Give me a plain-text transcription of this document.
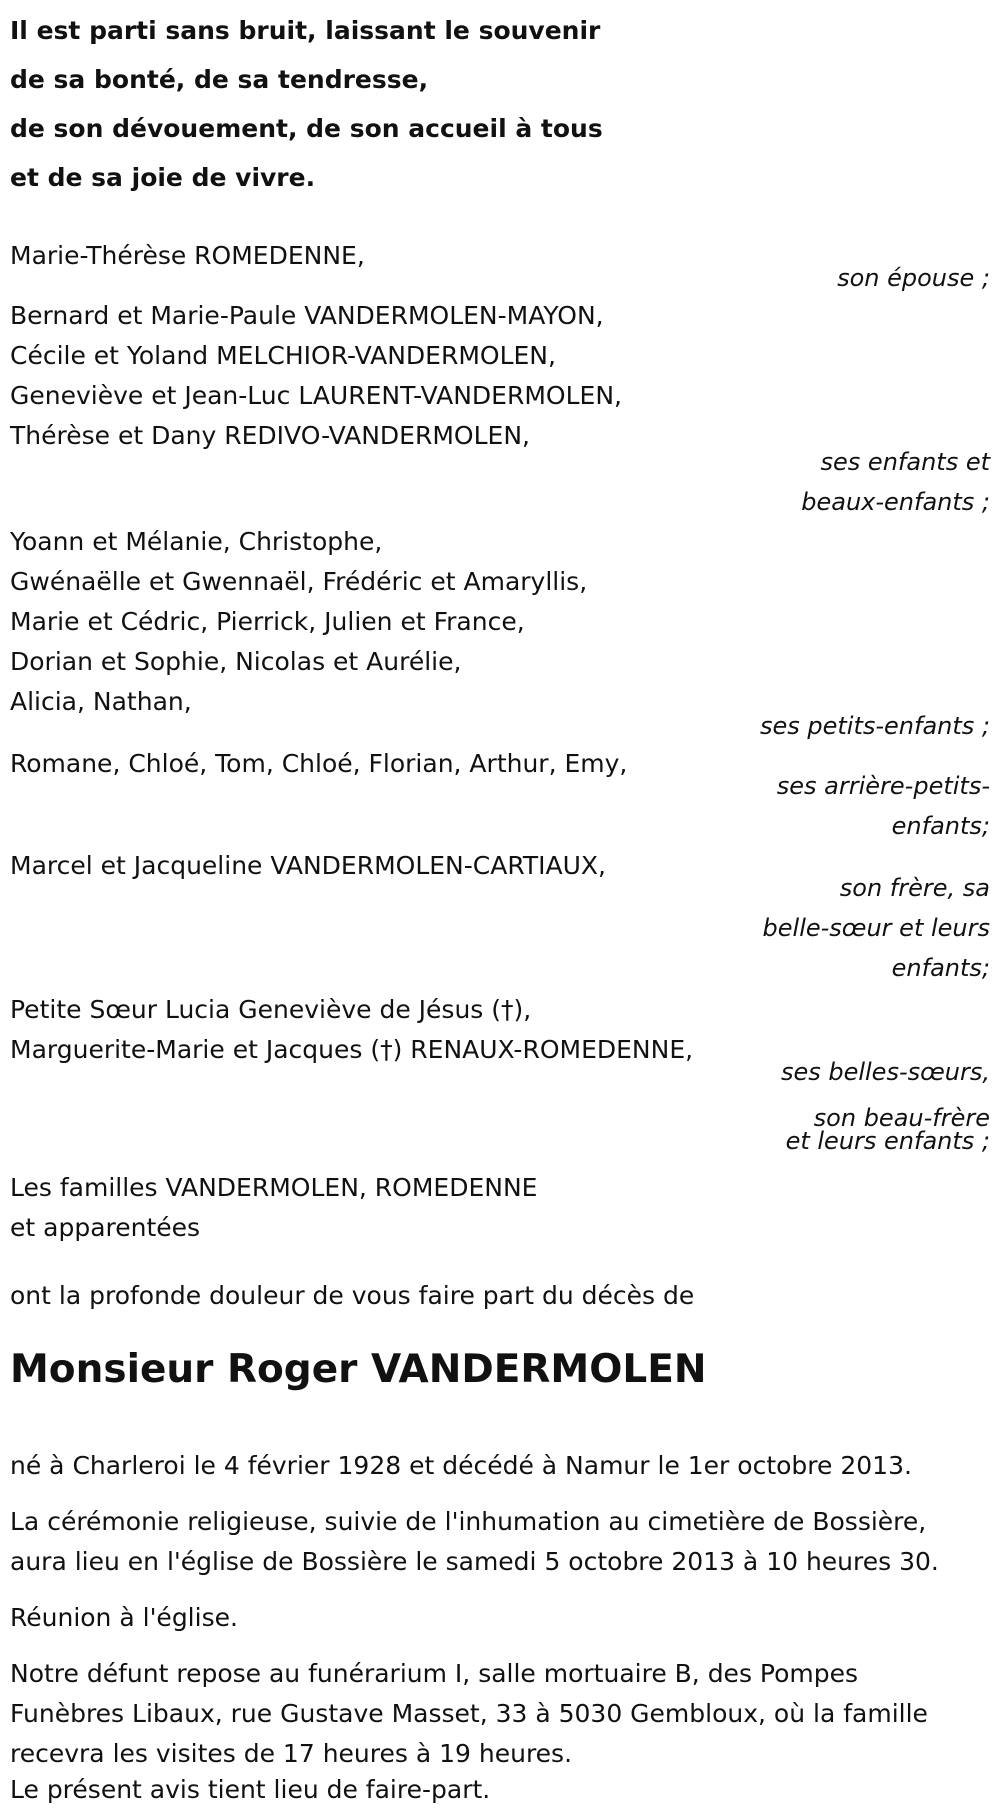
Il est parti sans bruit, laissant le souvenir
de sa bonté, de sa tendresse,
de son dévouement, de son accueil à tous
et de sa joie de vivre.
Marie-Thérèse ROMEDENNE,
son épouse ;
Bernard et Marie-Paule VANDERMOLEN-MAYON,
Cécile et Yoland MELCHIOR-VANDERMOLEN,
Geneviève et Jean-Luc LAURENT-VANDERMOLEN,
Thérèse et Dany REDIVO-VANDERMOLEN,
ses enfants et
beaux-enfants ;
Yoann et Mélanie, Christophe,
Gwénaëlle et Gwennaël, Frédéric et Amaryllis,
Marie et Cédric, Pierrick, Julien et France,
Dorian et Sophie, Nicolas et Aurélie,
Alicia, Nathan,
ses petits-enfants ;
Romane, Chloé, Tom, Chloé, Florian, Arthur, Emy,
ses arrière-petits-
enfants;
Marcel et Jacqueline VANDERMOLEN-CARTIAUX,
son frère, sa
belle-sœur et leurs
enfants;
Petite Sœur Lucia Geneviève de Jésus (†),
Marguerite-Marie et Jacques (†) RENAUX-ROMEDENNE,
ses belles-sœurs,
son beau-frère
et leurs enfants ;
Les familles VANDERMOLEN, ROMEDENNE
et apparentées
ont la profonde douleur de vous faire part du décès de
Monsieur Roger VANDERMOLEN
né à Charleroi le 4 février 1928 et décédé à Namur le 1er octobre 2013.
La cérémonie religieuse, suivie de l'inhumation au cimetière de Bossière,
aura lieu en l'église de Bossière le samedi 5 octobre 2013 à 10 heures 30.
Réunion à l'église.
Notre défunt repose au funérarium I, salle mortuaire B, des Pompes
Funèbres Libaux, rue Gustave Masset, 33 à 5030 Gembloux, où la famille
recevra les visites de 17 heures à 19 heures.
Le présent avis tient lieu de faire-part.
